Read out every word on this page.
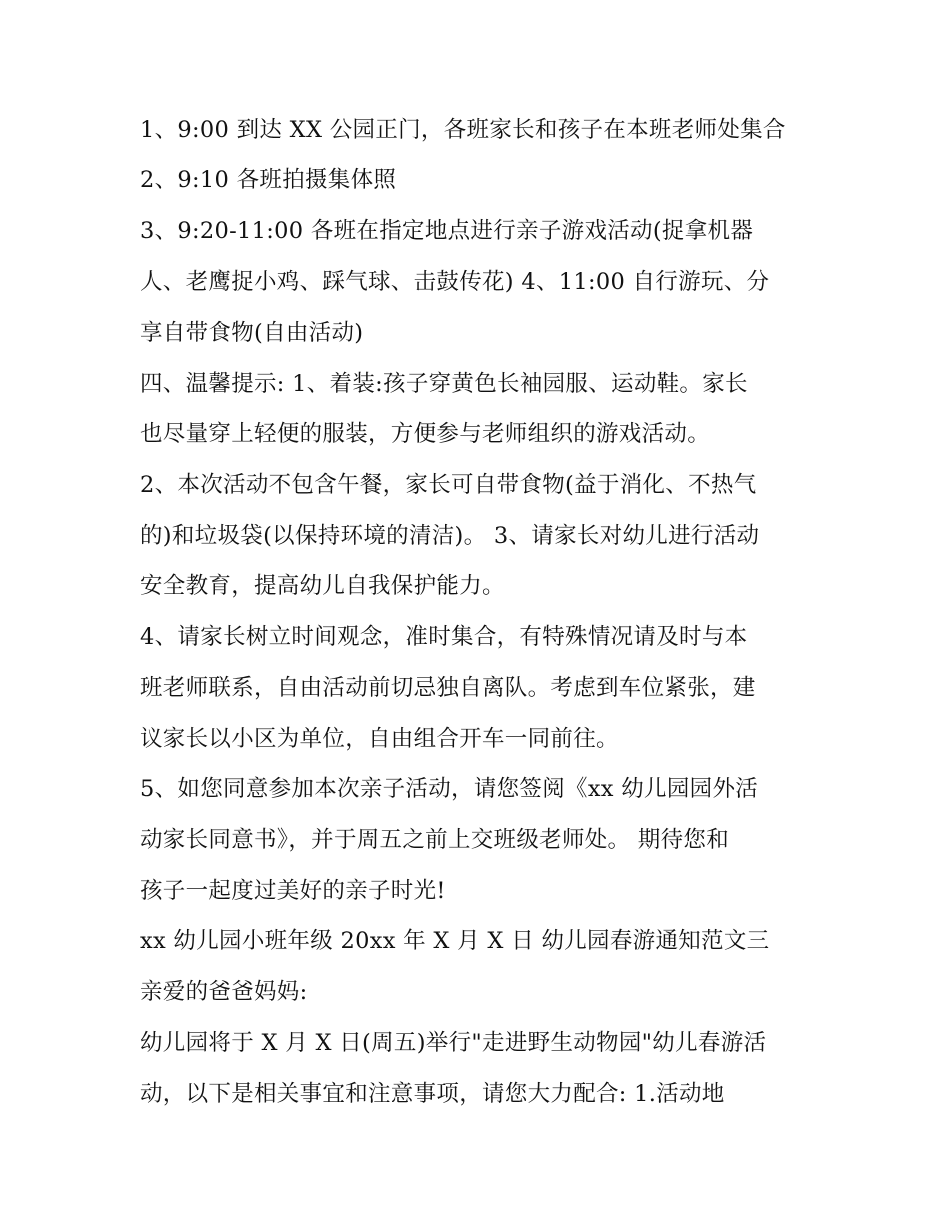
1、9:00 到达 XX 公园正门，各班家长和孩子在本班老师处集合
2、9:10 各班拍摄集体照
3、9:20-11:00 各班在指定地点进行亲子游戏活动(捉拿机器
人、老鹰捉小鸡、踩气球、击鼓传花) 4、11:00 自行游玩、分
享自带食物(自由活动)
四、温馨提示: 1、着装:孩子穿黄色长袖园服、运动鞋。家长
也尽量穿上轻便的服装，方便参与老师组织的游戏活动。
2、本次活动不包含午餐，家长可自带食物(益于消化、不热气
的)和垃圾袋(以保持环境的清洁)。 3、请家长对幼儿进行活动
安全教育，提高幼儿自我保护能力。
4、请家长树立时间观念，准时集合，有特殊情况请及时与本
班老师联系，自由活动前切忌独自离队。考虑到车位紧张，建
议家长以小区为单位，自由组合开车一同前往。
5、如您同意参加本次亲子活动，请您签阅《xx 幼儿园园外活
动家长同意书》，并于周五之前上交班级老师处。 期待您和
孩子一起度过美好的亲子时光!
xx 幼儿园小班年级 20xx 年 X 月 X 日 幼儿园春游通知范文三
亲爱的爸爸妈妈:
幼儿园将于 X 月 X 日(周五)举行"走进野生动物园"幼儿春游活
动，以下是相关事宜和注意事项，请您大力配合: 1.活动地
